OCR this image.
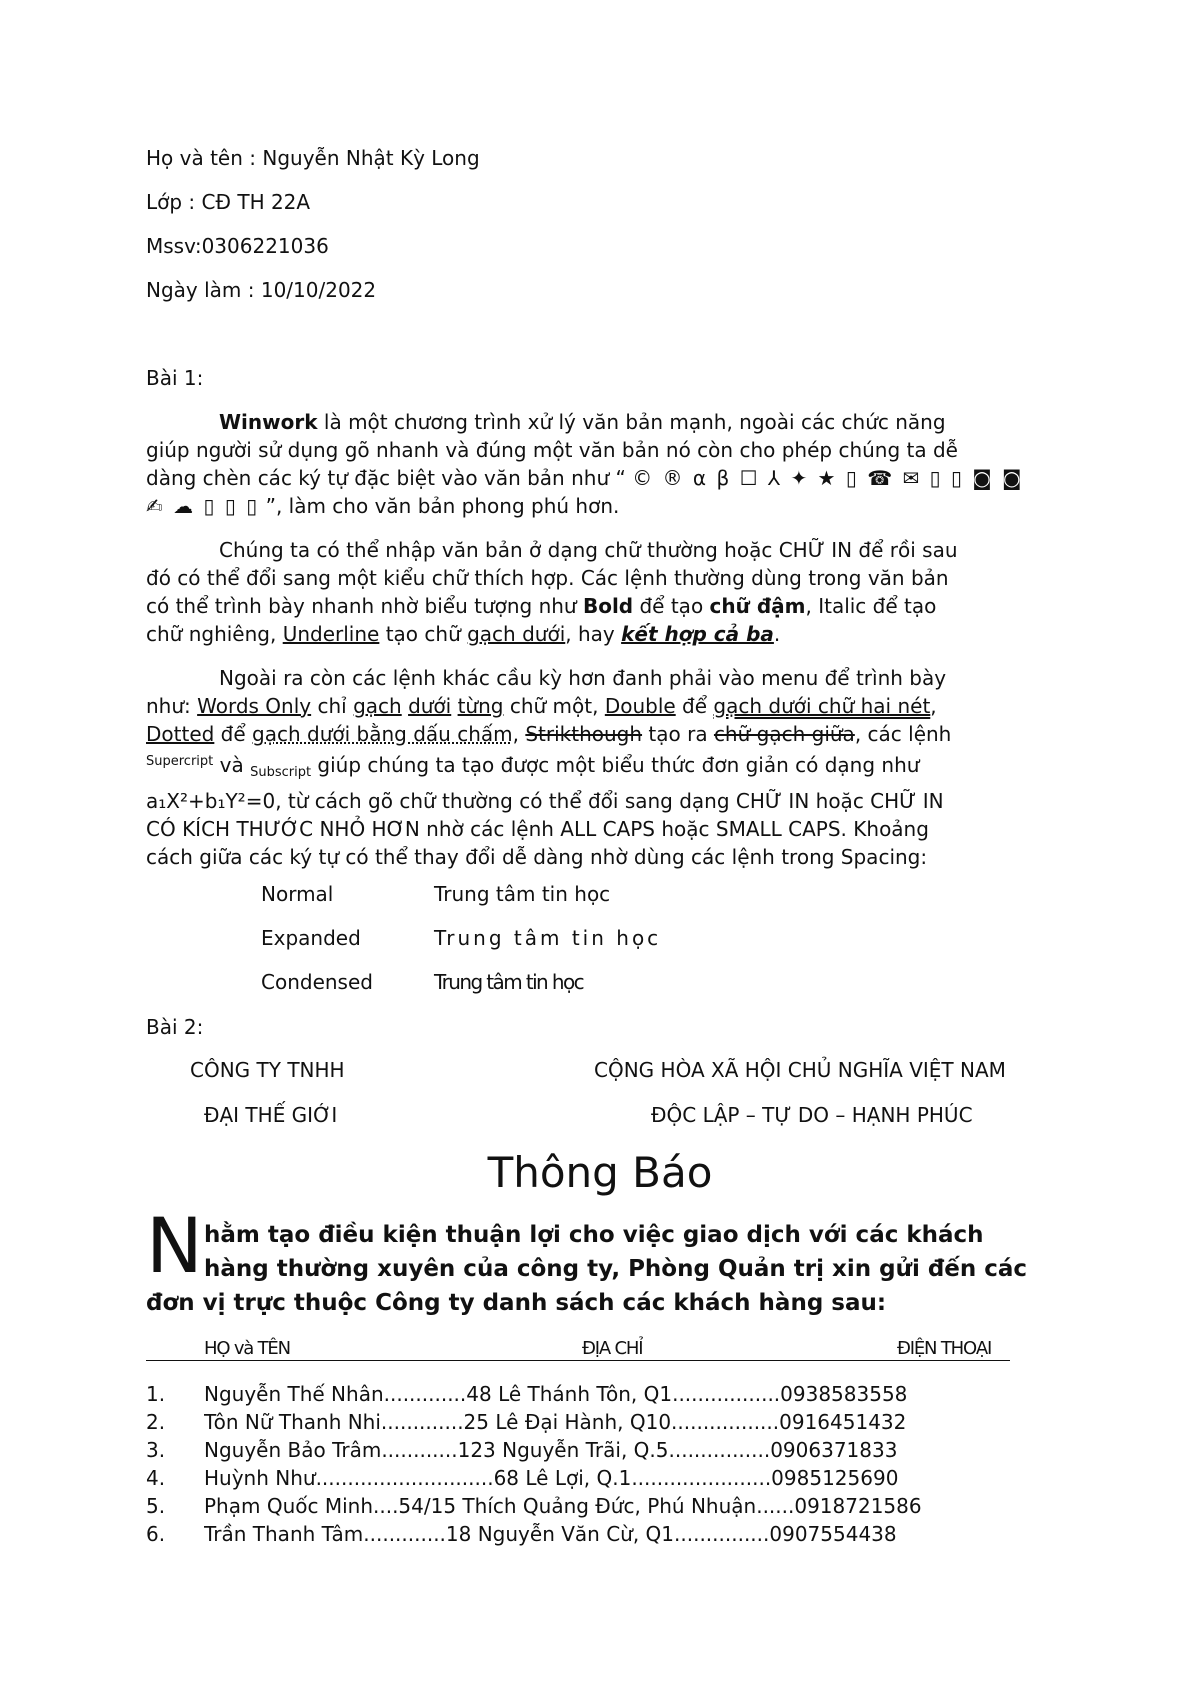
Họ và tên : Nguyễn Nhật Kỳ Long
Lớp : CĐ TH 22A
Mssv:0306221036
Ngày làm : 10/10/2022
Bài 1:
Winwork là một chương trình xử lý văn bản mạnh, ngoài các chức năng
giúp người sử dụng gõ nhanh và đúng một văn bản nó còn cho phép chúng ta dễ
dàng chèn các ký tự đặc biệt vào văn bản như “ © ® α β ☐ ⅄ ✦ ★ ▯ ☎ ✉ ▯ ▯ ◙ ◙
✍ ☁ ▯ ▯ ▯ ”, làm cho văn bản phong phú hơn.
Chúng ta có thể nhập văn bản ở dạng chữ thường hoặc CHỮ IN để rồi sau
đó có thể đổi sang một kiểu chữ thích hợp. Các lệnh thường dùng trong văn bản
có thể trình bày nhanh nhờ biểu tượng như Bold để tạo chữ đậm, Italic để tạo
chữ nghiêng, Underline tạo chữ gạch dưới, hay kết hợp cả ba.
Ngoài ra còn các lệnh khác cầu kỳ hơn đanh phải vào menu để trình bày
như: Words Only chỉ gạch dưới từng chữ một, Double để gạch dưới chữ hai nét,
Dotted để gạch dưới bằng dấu chấm, Strikthough tạo ra chữ gạch giữa, các lệnh
$^{Supercript}$ và $_{Subscript}$ giúp chúng ta tạo được một biểu thức đơn giản có dạng như
a₁X²+b₁Y²=0, từ cách gõ chữ thường có thể đổi sang dạng CHỮ IN hoặc CHỮ IN
CÓ KÍCH THƯỚC NHỎ HƠN nhờ các lệnh ALL CAPS hoặc SMALL CAPS. Khoảng
cách giữa các ký tự có thể thay đổi dễ dàng nhờ dùng các lệnh trong Spacing:
Normal	Trung tâm tin học
Expanded	Trung tâm tin học
Condensed	Trung tâm tin học
Bài 2:
CÔNG TY TNHH
ĐẠI THẾ GIỚI
CỘNG HÒA XÃ HỘI CHỦ NGHĨA VIỆT NAM
ĐỘC LẬP – TỰ DO – HẠNH PHÚC
Thông Báo
N hằm tạo điều kiện thuận lợi cho việc giao dịch với các khách
hàng thường xuyên của công ty, Phòng Quản trị xin gửi đến các
đơn vị trực thuộc Công ty danh sách các khách hàng sau:
HỌ và TÊN	ĐỊA CHỈ	ĐIỆN THOẠI
1. Nguyễn Thế Nhân.............48 Lê Thánh Tôn, Q1.................0938583558
2. Tôn Nữ Thanh Nhi.............25 Lê Đại Hành, Q10.................0916451432
3. Nguyễn Bảo Trâm............123 Nguyễn Trãi, Q.5................0906371833
4. Huỳnh Như............................68 Lê Lợi, Q.1......................0985125690
5. Phạm Quốc Minh....54/15 Thích Quảng Đức, Phú Nhuận......0918721586
6. Trần Thanh Tâm.............18 Nguyễn Văn Cừ, Q1...............0907554438
